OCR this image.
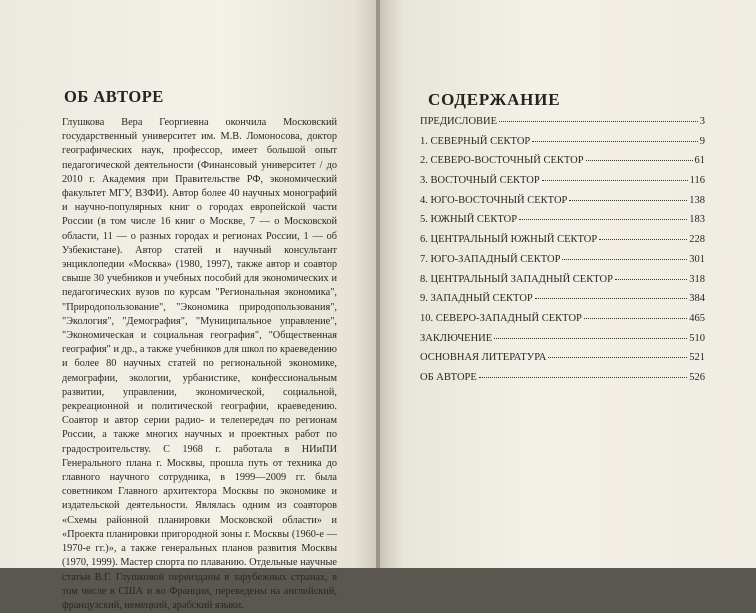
ОБ АВТОРЕ

Глушкова Вера Георгиевна окончила Московский государственный университет им. М.В. Ломоносова, доктор географических наук, профессор, имеет большой опыт педагогической деятельности (Финансовый университет / до 2010 г. Академия при Правительстве РФ, экономический факультет МГУ, ВЗФИ). Автор более 40 научных монографий и научно-популярных книг о городах европейской части России (в том числе 16 книг о Москве, 7 — о Московской области, 11 — о разных городах и регионах России, 1 — об Узбекистане). Автор статей и научный консультант энциклопедии «Москва» (1980, 1997), также автор и соавтор свыше 30 учебников и учебных пособий для экономических и педагогических вузов по курсам "Региональная экономика", "Природопользование", "Экономика природопользования", "Экология", "Демография", "Муниципальное управление", "Экономическая и социальная география", "Общественная география" и др., а также учебников для школ по краеведению и более 80 научных статей по региональной экономике, демографии, экологии, урбанистике, конфессиональным развитии, управлении, экономической, социальной, рекреационной и политической географии, краеведению. Соавтор и автор серии радио- и телепередач по регионам России, а также многих научных и проектных работ по градостроительству. С 1968 г. работала в НИиПИ Генерального плана г. Москвы, прошла путь от техника до главного научного сотрудника, в 1999—2009 гг. была советником Главного архитектора Москвы по экономике и издательской деятельности. Являлась одним из соавторов «Схемы районной планировки Московской области» и «Проекта планировки пригородной зоны г. Москвы (1960-е — 1970-е гг.)», а также генеральных планов развития Москвы (1970, 1999). Мастер спорта по плаванию. Отдельные научные статьи В.Г. Глушковой переизданы в зарубежных странах, в том числе в США и во Франции, переведены на английский, французский, немецкий, арабский языки.

СОДЕРЖАНИЕ
ПРЕДИСЛОВИЕ	3
1. СЕВЕРНЫЙ СЕКТОР	9
2. СЕВЕРО-ВОСТОЧНЫЙ СЕКТОР	61
3. ВОСТОЧНЫЙ СЕКТОР	116
4. ЮГО-ВОСТОЧНЫЙ СЕКТОР	138
5. ЮЖНЫЙ СЕКТОР	183
6. ЦЕНТРАЛЬНЫЙ ЮЖНЫЙ СЕКТОР	228
7. ЮГО-ЗАПАДНЫЙ СЕКТОР	301
8. ЦЕНТРАЛЬНЫЙ ЗАПАДНЫЙ СЕКТОР	318
9. ЗАПАДНЫЙ СЕКТОР	384
10. СЕВЕРО-ЗАПАДНЫЙ СЕКТОР	465
ЗАКЛЮЧЕНИЕ	510
ОСНОВНАЯ ЛИТЕРАТУРА	521
ОБ АВТОРЕ	526
